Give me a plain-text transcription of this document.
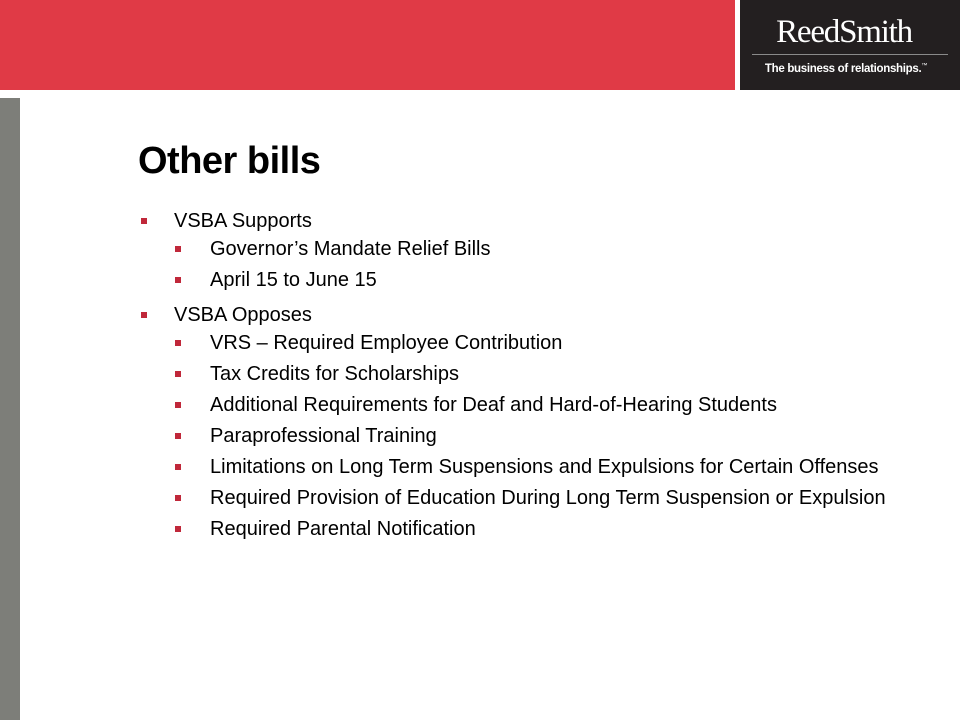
ReedSmith
The business of relationships.™
Other bills
VSBA Supports
Governor’s Mandate Relief Bills
April 15 to June 15
VSBA Opposes
VRS – Required Employee Contribution
Tax Credits for Scholarships
Additional Requirements for Deaf and Hard-of-Hearing Students
Paraprofessional Training
Limitations on Long Term Suspensions and Expulsions for Certain Offenses
Required Provision of Education During Long Term Suspension or Expulsion
Required Parental Notification
